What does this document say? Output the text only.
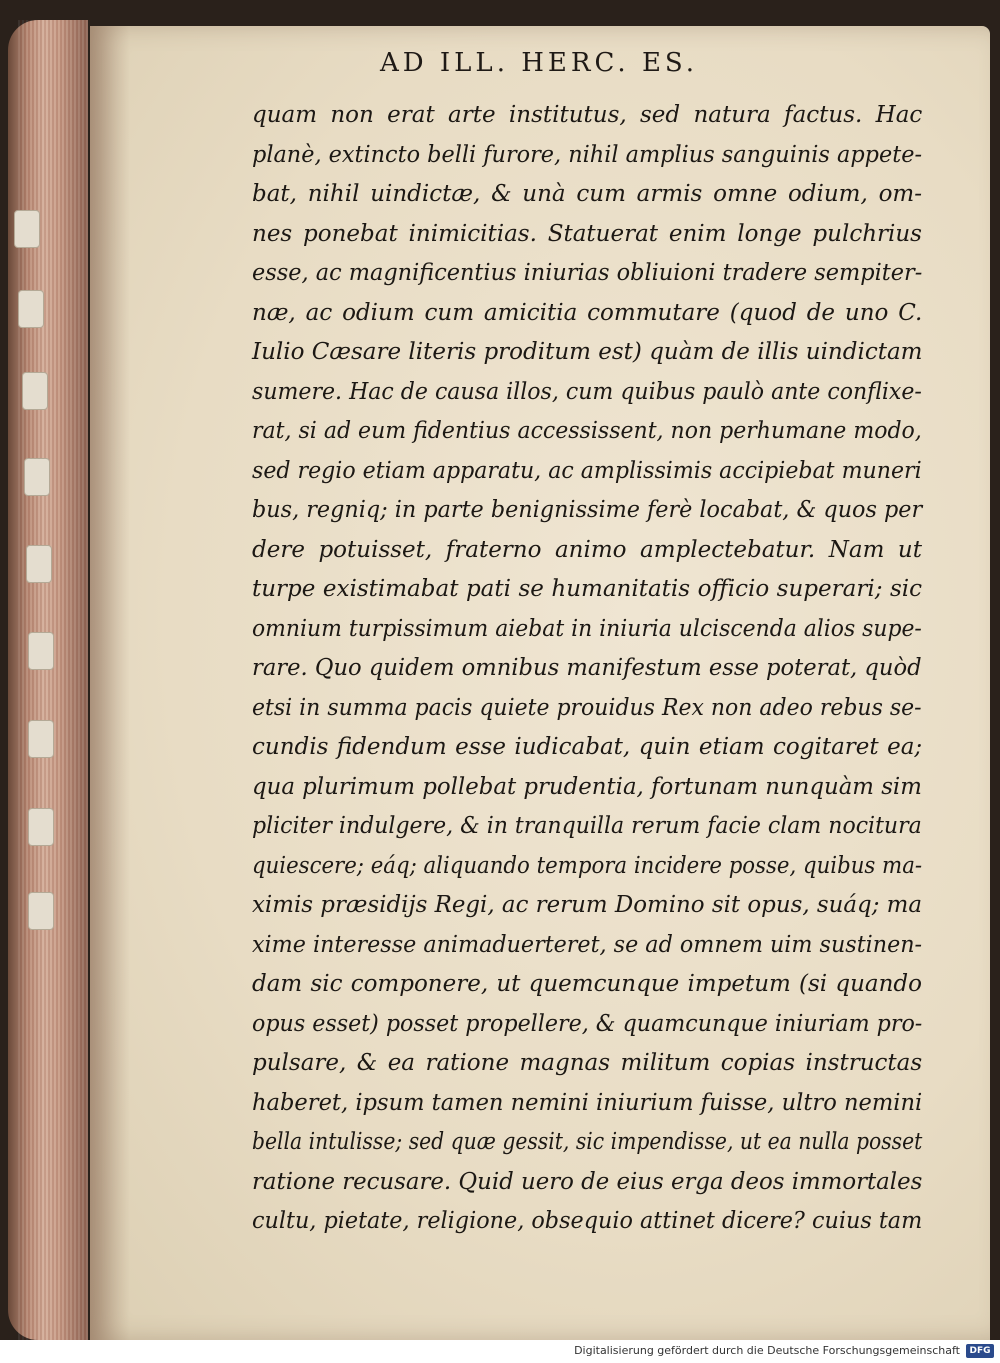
AD ILL. HERC. ES.
quam non erat arte institutus, sed natura factus. Hac
planè, extincto belli furore, nihil amplius sanguinis appete-
bat, nihil uindictæ, & unà cum armis omne odium, om-
nes ponebat inimicitias. Statuerat enim longe pulchrius
esse, ac magnificentius iniurias obliuioni tradere sempiter-
næ, ac odium cum amicitia commutare (quod de uno C.
Iulio Cæsare literis proditum est) quàm de illis uindictam
sumere. Hac de causa illos, cum quibus paulò ante conflixe-
rat, si ad eum fidentius accessissent, non perhumane modo,
sed regio etiam apparatu, ac amplissimis accipiebat muneri
bus, regniq; in parte benignissime ferè locabat, & quos per
dere potuisset, fraterno animo amplectebatur. Nam ut
turpe existimabat pati se humanitatis officio superari; sic
omnium turpissimum aiebat in iniuria ulciscenda alios supe-
rare. Quo quidem omnibus manifestum esse poterat, quòd
etsi in summa pacis quiete prouidus Rex non adeo rebus se-
cundis fidendum esse iudicabat, quin etiam cogitaret ea;
qua plurimum pollebat prudentia, fortunam nunquàm sim
pliciter indulgere, & in tranquilla rerum facie clam nocitura
quiescere; eáq; aliquando tempora incidere posse, quibus ma-
ximis præsidijs Regi, ac rerum Domino sit opus, suáq; ma
xime interesse animaduerteret, se ad omnem uim sustinen-
dam sic componere, ut quemcunque impetum (si quando
opus esset) posset propellere, & quamcunque iniuriam pro-
pulsare, & ea ratione magnas militum copias instructas
haberet, ipsum tamen nemini iniurium fuisse, ultro nemini
bella intulisse; sed quæ gessit, sic impendisse, ut ea nulla posset
ratione recusare. Quid uero de eius erga deos immortales
cultu, pietate, religione, obsequio attinet dicere? cuius tam
Digitalisierung gefördert durch die Deutsche Forschungsgemeinschaft	DFG
